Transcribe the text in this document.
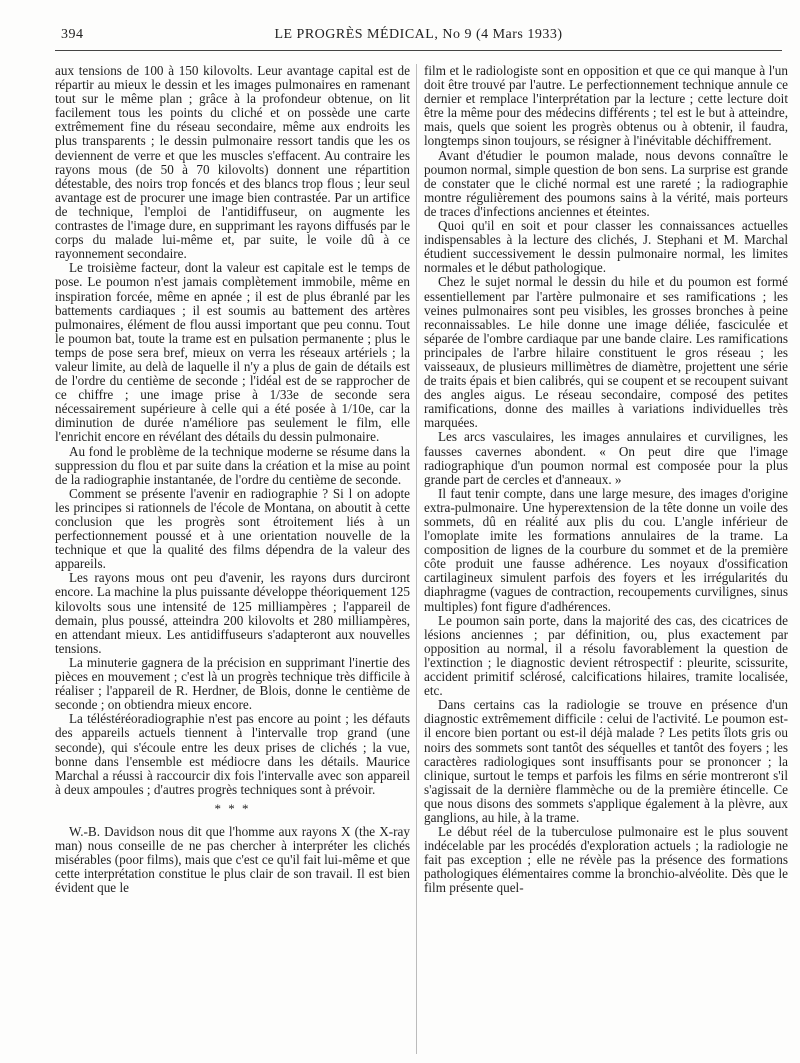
394	LE PROGRÈS MÉDICAL, No 9 (4 Mars 1933)

aux tensions de 100 à 150 kilovolts. Leur avantage capital est de répartir au mieux le dessin et les images pulmonaires en ramenant tout sur le même plan ; grâce à la profondeur obtenue, on lit facilement tous les points du cliché et on possède une carte extrêmement fine du réseau secondaire, même aux endroits les plus transparents ; le dessin pulmonaire ressort tandis que les os deviennent de verre et que les muscles s'effacent. Au contraire les rayons mous (de 50 à 70 kilovolts) donnent une répartition détestable, des noirs trop foncés et des blancs trop flous ; leur seul avantage est de procurer une image bien contrastée. Par un artifice de technique, l'emploi de l'antidiffuseur, on augmente les contrastes de l'image dure, en supprimant les rayons diffusés par le corps du malade lui-même et, par suite, le voile dû à ce rayonnement secondaire.

Le troisième facteur, dont la valeur est capitale est le temps de pose. Le poumon n'est jamais complètement immobile, même en inspiration forcée, même en apnée ; il est de plus ébranlé par les battements cardiaques ; il est soumis au battement des artères pulmonaires, élément de flou aussi important que peu connu. Tout le poumon bat, toute la trame est en pulsation permanente ; plus le temps de pose sera bref, mieux on verra les réseaux artériels ; la valeur limite, au delà de laquelle il n'y a plus de gain de détails est de l'ordre du centième de seconde ; l'idéal est de se rapprocher de ce chiffre ; une image prise à 1/33e de seconde sera nécessairement supérieure à celle qui a été posée à 1/10e, car la diminution de durée n'améliore pas seulement le film, elle l'enrichit encore en révélant des détails du dessin pulmonaire.

Au fond le problème de la technique moderne se résume dans la suppression du flou et par suite dans la création et la mise au point de la radiographie instantanée, de l'ordre du centième de seconde.

Comment se présente l'avenir en radiographie ? Si l on adopte les principes si rationnels de l'école de Montana, on aboutit à cette conclusion que les progrès sont étroitement liés à un perfectionnement poussé et à une orientation nouvelle de la technique et que la qualité des films dépendra de la valeur des appareils.

Les rayons mous ont peu d'avenir, les rayons durs durciront encore. La machine la plus puissante développe théoriquement 125 kilovolts sous une intensité de 125 milliampères ; l'appareil de demain, plus poussé, atteindra 200 kilovolts et 280 milliampères, en attendant mieux. Les antidiffuseurs s'adapteront aux nouvelles tensions.

La minuterie gagnera de la précision en supprimant l'inertie des pièces en mouvement ; c'est là un progrès technique très difficile à réaliser ; l'appareil de R. Herdner, de Blois, donne le centième de seconde ; on obtiendra mieux encore.

La téléstéréoradiographie n'est pas encore au point ; les défauts des appareils actuels tiennent à l'intervalle trop grand (une seconde), qui s'écoule entre les deux prises de clichés ; la vue, bonne dans l'ensemble est médiocre dans les détails. Maurice Marchal a réussi à raccourcir dix fois l'intervalle avec son appareil à deux ampoules ; d'autres progrès techniques sont à prévoir.

* * *

W.-B. Davidson nous dit que l'homme aux rayons X (the X-ray man) nous conseille de ne pas chercher à interpréter les clichés misérables (poor films), mais que c'est ce qu'il fait lui-même et que cette interprétation constitue le plus clair de son travail. Il est bien évident que le

film et le radiologiste sont en opposition et que ce qui manque à l'un doit être trouvé par l'autre. Le perfectionnement technique annule ce dernier et remplace l'interprétation par la lecture ; cette lecture doit être la même pour des médecins différents ; tel est le but à atteindre, mais, quels que soient les progrès obtenus ou à obtenir, il faudra, longtemps sinon toujours, se résigner à l'inévitable déchiffrement.

Avant d'étudier le poumon malade, nous devons connaître le poumon normal, simple question de bon sens. La surprise est grande de constater que le cliché normal est une rareté ; la radiographie montre régulièrement des poumons sains à la vérité, mais porteurs de traces d'infections anciennes et éteintes.

Quoi qu'il en soit et pour classer les connaissances actuelles indispensables à la lecture des clichés, J. Stephani et M. Marchal étudient successivement le dessin pulmonaire normal, les limites normales et le début pathologique.

Chez le sujet normal le dessin du hile et du poumon est formé essentiellement par l'artère pulmonaire et ses ramifications ; les veines pulmonaires sont peu visibles, les grosses bronches à peine reconnaissables. Le hile donne une image déliée, fasciculée et séparée de l'ombre cardiaque par une bande claire. Les ramifications principales de l'arbre hilaire constituent le gros réseau ; les vaisseaux, de plusieurs millimètres de diamètre, projettent une série de traits épais et bien calibrés, qui se coupent et se recoupent suivant des angles aigus. Le réseau secondaire, composé des petites ramifications, donne des mailles à variations individuelles très marquées.

Les arcs vasculaires, les images annulaires et curvilignes, les fausses cavernes abondent. « On peut dire que l'image radiographique d'un poumon normal est composée pour la plus grande part de cercles et d'anneaux. »

Il faut tenir compte, dans une large mesure, des images d'origine extra-pulmonaire. Une hyperextension de la tête donne un voile des sommets, dû en réalité aux plis du cou. L'angle inférieur de l'omoplate imite les formations annulaires de la trame. La composition de lignes de la courbure du sommet et de la première côte produit une fausse adhérence. Les noyaux d'ossification cartilagineux simulent parfois des foyers et les irrégularités du diaphragme (vagues de contraction, recoupements curvilignes, sinus multiples) font figure d'adhérences.

Le poumon sain porte, dans la majorité des cas, des cicatrices de lésions anciennes ; par définition, ou, plus exactement par opposition au normal, il a résolu favorablement la question de l'extinction ; le diagnostic devient rétrospectif : pleurite, scissurite, accident primitif sclérosé, calcifications hilaires, tramite localisée, etc.

Dans certains cas la radiologie se trouve en présence d'un diagnostic extrêmement difficile : celui de l'activité. Le poumon est-il encore bien portant ou est-il déjà malade ? Les petits îlots gris ou noirs des sommets sont tantôt des séquelles et tantôt des foyers ; les caractères radiologiques sont insuffisants pour se prononcer ; la clinique, surtout le temps et parfois les films en série montreront s'il s'agissait de la dernière flammèche ou de la première étincelle. Ce que nous disons des sommets s'applique également à la plèvre, aux ganglions, au hile, à la trame.

Le début réel de la tuberculose pulmonaire est le plus souvent indécelable par les procédés d'exploration actuels ; la radiologie ne fait pas exception ; elle ne révèle pas la présence des formations pathologiques élémentaires comme la bronchio-alvéolite. Dès que le film présente quel-
